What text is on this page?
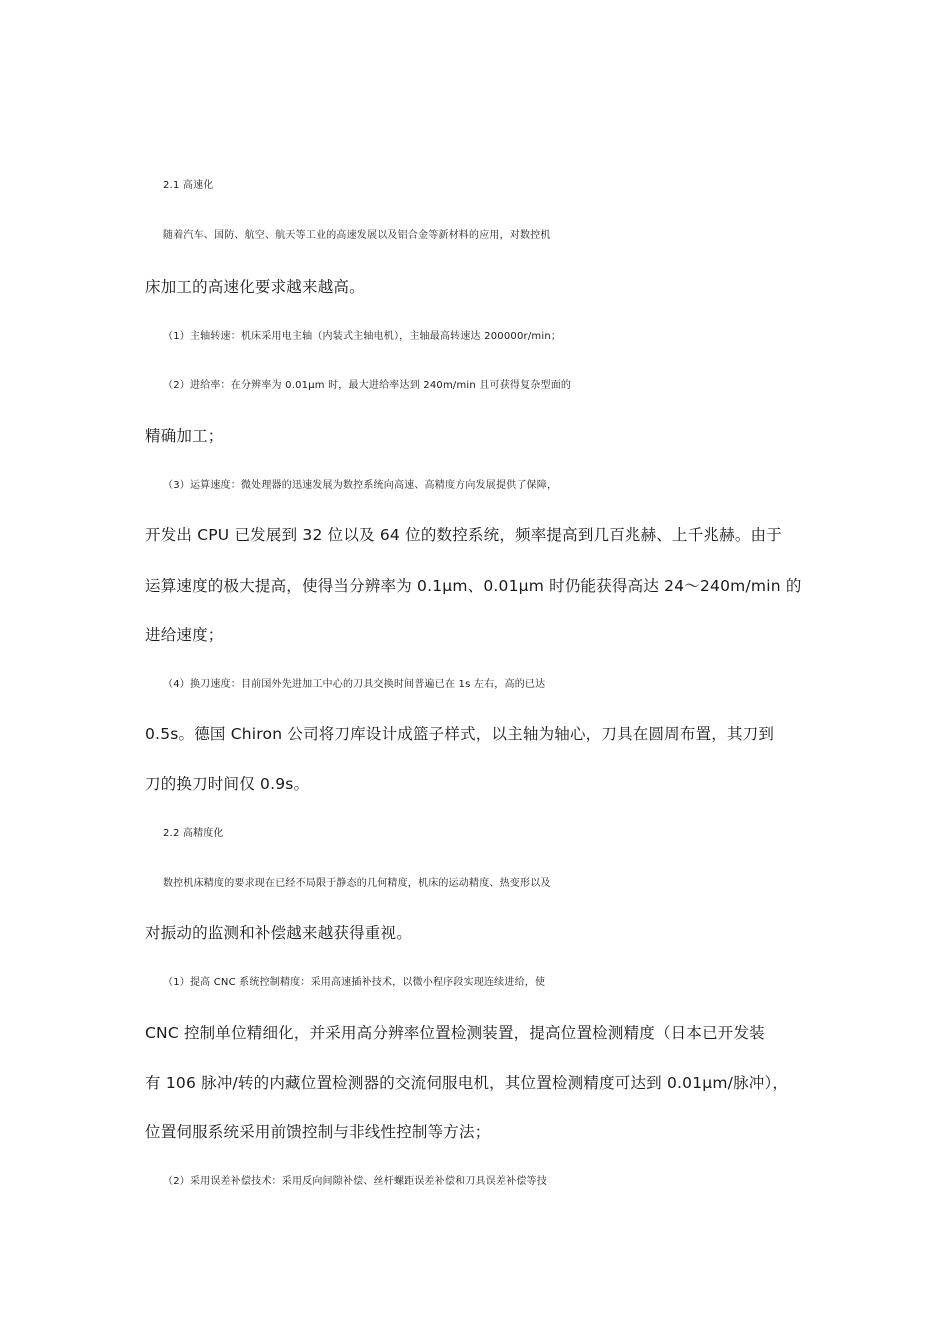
2.1 高速化
随着汽车、国防、航空、航天等工业的高速发展以及铝合金等新材料的应用，对数控机
床加工的高速化要求越来越高。
（1）主轴转速：机床采用电主轴（内装式主轴电机），主轴最高转速达 200000r/min；
（2）进给率：在分辨率为 0.01μm 时，最大进给率达到 240m/min 且可获得复杂型面的
精确加工；
（3）运算速度：微处理器的迅速发展为数控系统向高速、高精度方向发展提供了保障，
开发出 CPU 已发展到 32 位以及 64 位的数控系统，频率提高到几百兆赫、上千兆赫。由于
运算速度的极大提高，使得当分辨率为 0.1μm、0.01μm 时仍能获得高达 24～240m/min 的
进给速度；
（4）换刀速度：目前国外先进加工中心的刀具交换时间普遍已在 1s 左右，高的已达
0.5s。德国 Chiron 公司将刀库设计成篮子样式，以主轴为轴心，刀具在圆周布置，其刀到
刀的换刀时间仅 0.9s。
2.2 高精度化
数控机床精度的要求现在已经不局限于静态的几何精度，机床的运动精度、热变形以及
对振动的监测和补偿越来越获得重视。
（1）提高 CNC 系统控制精度：采用高速插补技术，以微小程序段实现连续进给，使
CNC 控制单位精细化，并采用高分辨率位置检测装置，提高位置检测精度（日本已开发装
有 106 脉冲/转的内藏位置检测器的交流伺服电机，其位置检测精度可达到 0.01μm/脉冲），
位置伺服系统采用前馈控制与非线性控制等方法；
（2）采用误差补偿技术：采用反向间隙补偿、丝杆螺距误差补偿和刀具误差补偿等技
